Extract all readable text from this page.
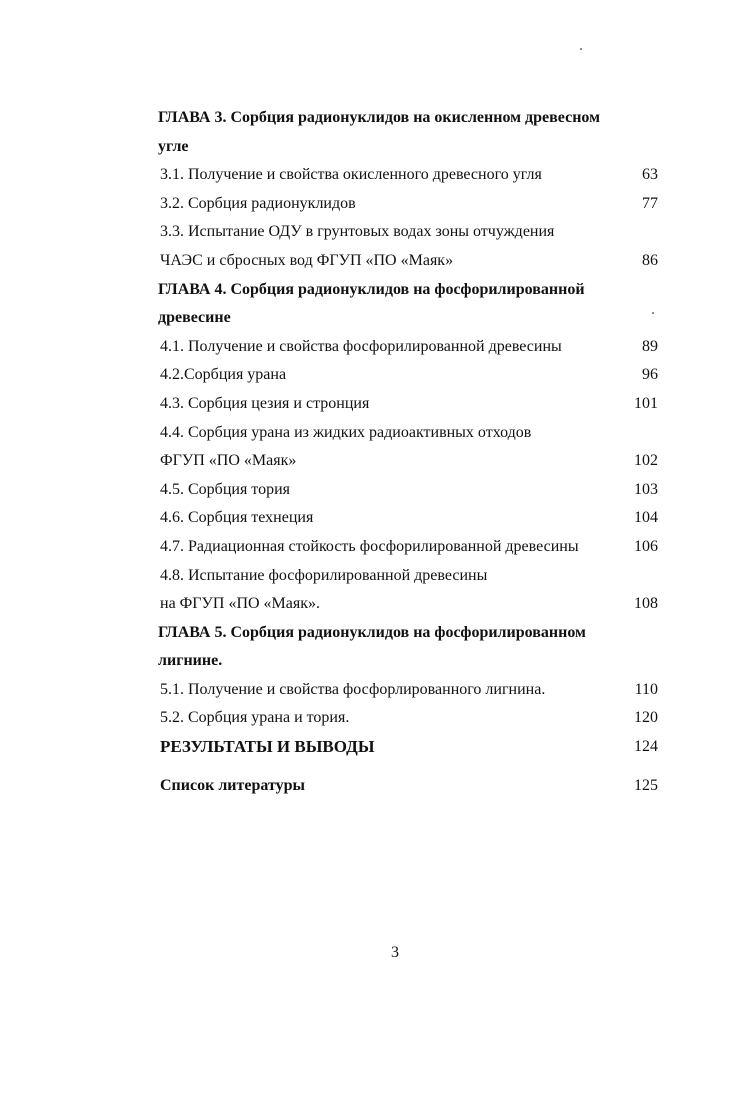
ГЛАВА 3. Сорбция радионуклидов на окисленном древесном
угле
3.1. Получение и свойства окисленного древесного угля	63
3.2. Сорбция радионуклидов	77
3.3. Испытание ОДУ в грунтовых водах зоны отчуждения
ЧАЭС и сбросных вод ФГУП «ПО «Маяк»	86
ГЛАВА 4. Сорбция радионуклидов на фосфорилированной
древесине
4.1. Получение и свойства фосфорилированной древесины	89
4.2.Сорбция урана	96
4.3. Сорбция цезия и стронция	101
4.4. Сорбция урана из жидких радиоактивных отходов
ФГУП «ПО «Маяк»	102
4.5. Сорбция тория	103
4.6. Сорбция технеция	104
4.7. Радиационная стойкость фосфорилированной древесины	106
4.8. Испытание фосфорилированной древесины
на ФГУП «ПО «Маяк».	108
ГЛАВА 5. Сорбция радионуклидов на фосфорилированном
лигнине.
5.1. Получение и свойства фосфорлированного лигнина.	110
5.2. Сорбция урана и тория.	120
РЕЗУЛЬТАТЫ И ВЫВОДЫ	124
Список литературы	125
3
